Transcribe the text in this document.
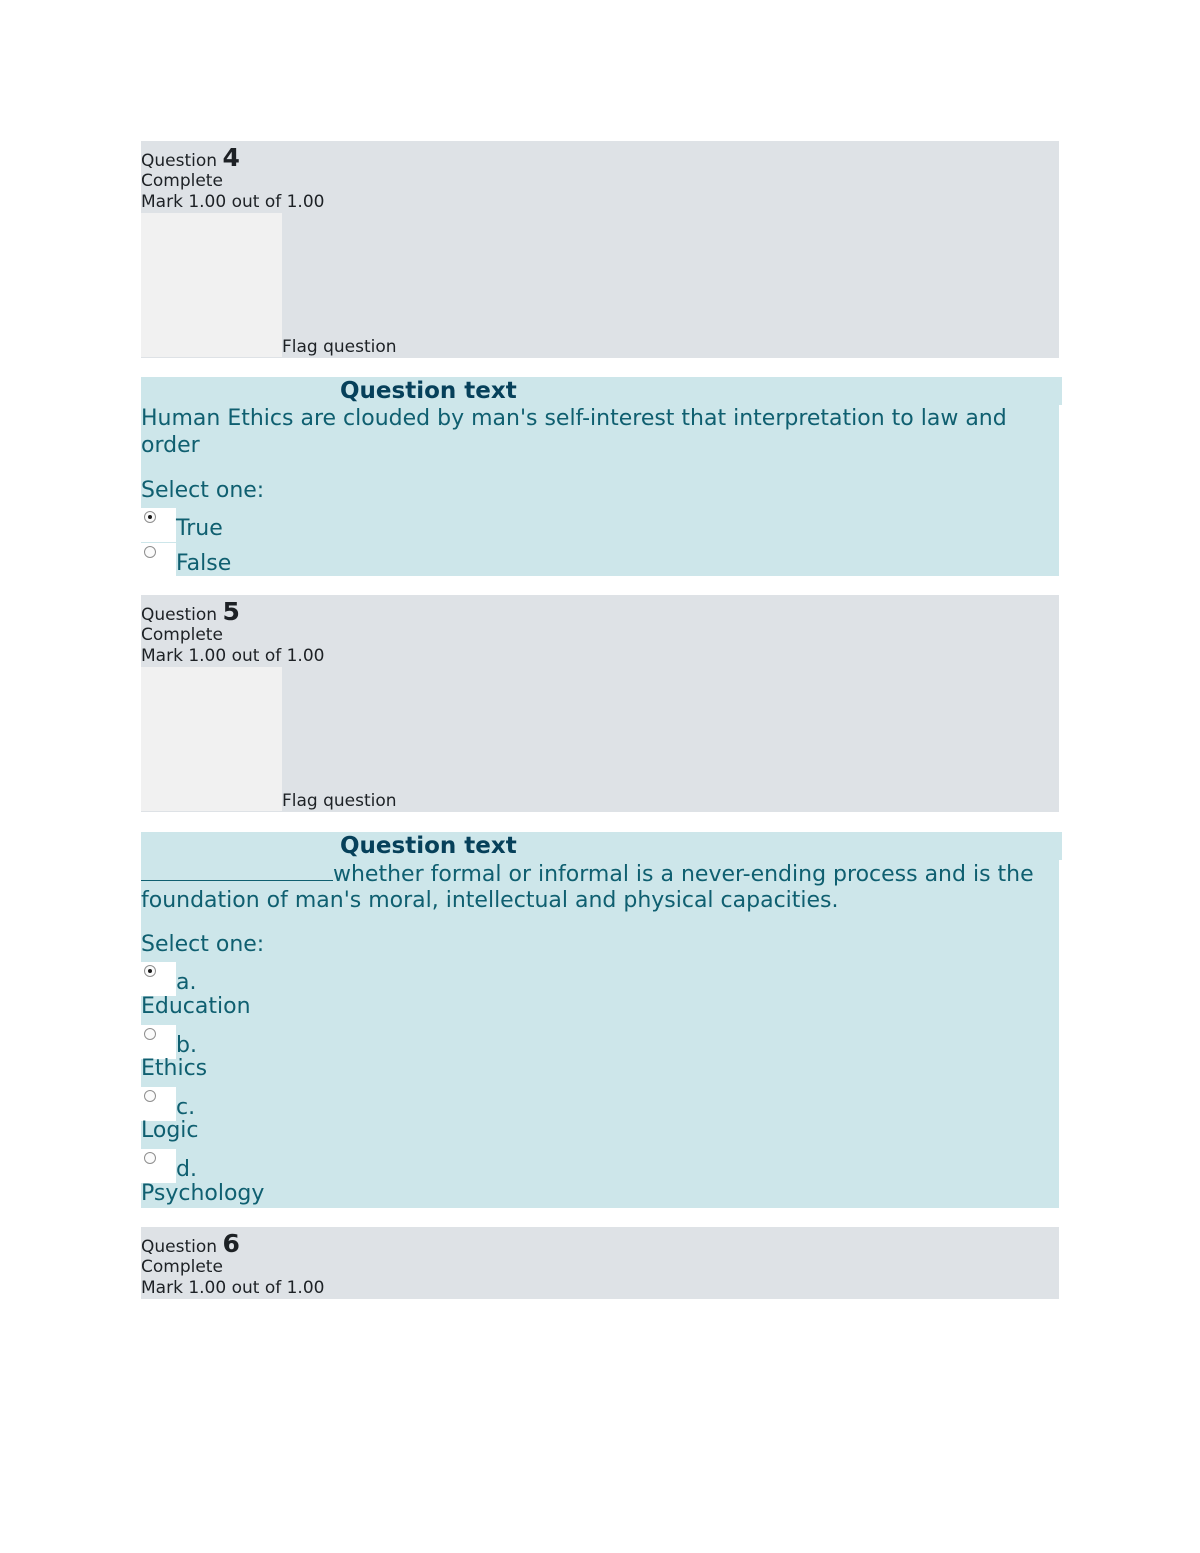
Question 4
Complete
Mark 1.00 out of 1.00
Flag question
Question text
Human Ethics are clouded by man's self-interest that interpretation to law and order
Select one:
True
False
Question 5
Complete
Mark 1.00 out of 1.00
Flag question
Question text
whether formal or informal is a never-ending process and is the foundation of man's moral, intellectual and physical capacities.
Select one:
a.
Education
b.
Ethics
c.
Logic
d.
Psychology
Question 6
Complete
Mark 1.00 out of 1.00
